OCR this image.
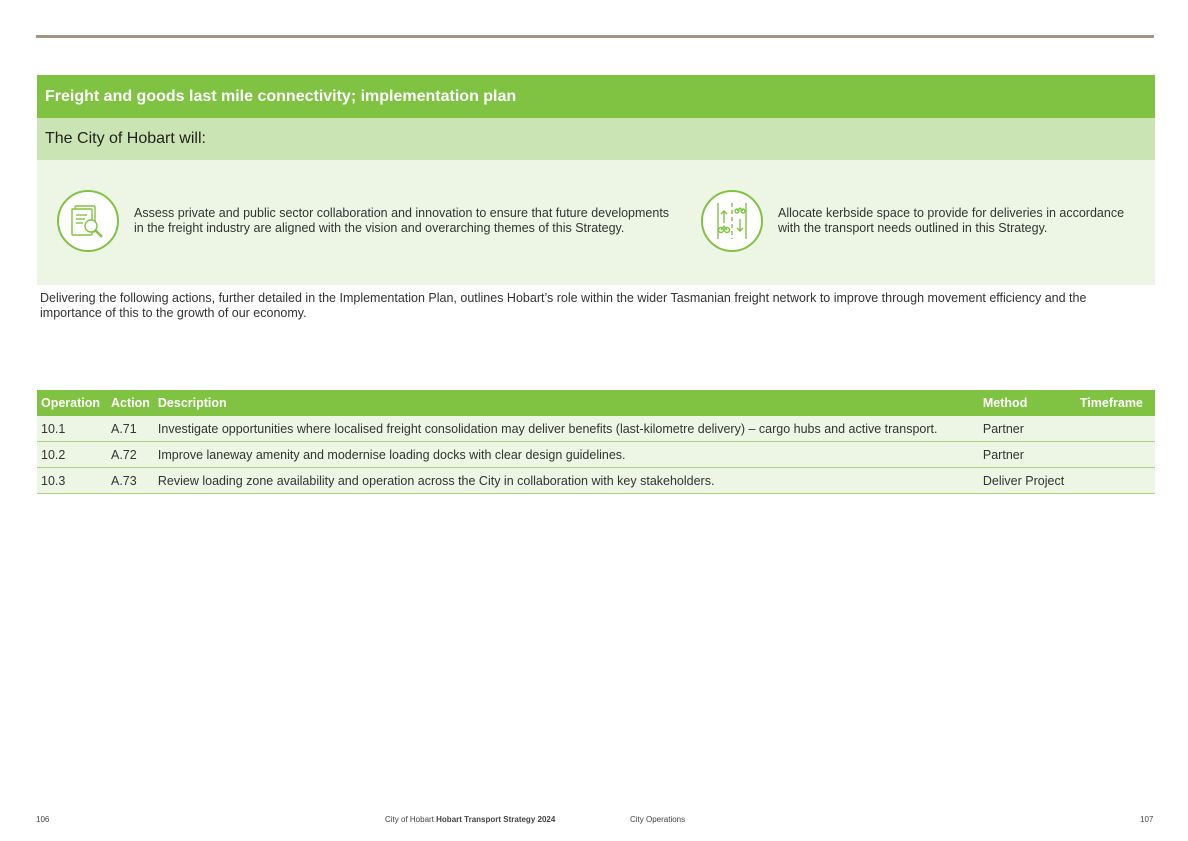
Freight and goods last mile connectivity; implementation plan
The City of Hobart will:
Assess private and public sector collaboration and innovation to ensure that future developments in the freight industry are aligned with the vision and overarching themes of this Strategy.
Allocate kerbside space to provide for deliveries in accordance with the transport needs outlined in this Strategy.
Delivering the following actions, further detailed in the Implementation Plan, outlines Hobart’s role within the wider Tasmanian freight network to improve through movement efficiency and the importance of this to the growth of our economy.
Operation	Action	Description	Method	Timeframe
10.1	A.71	Investigate opportunities where localised freight consolidation may deliver benefits (last-kilometre delivery) – cargo hubs and active transport.	Partner	
10.2	A.72	Improve laneway amenity and modernise loading docks with clear design guidelines.	Partner	
10.3	A.73	Review loading zone availability and operation across the City in collaboration with key stakeholders.	Deliver Project	
106	City of Hobart Hobart Transport Strategy 2024	City Operations	107
